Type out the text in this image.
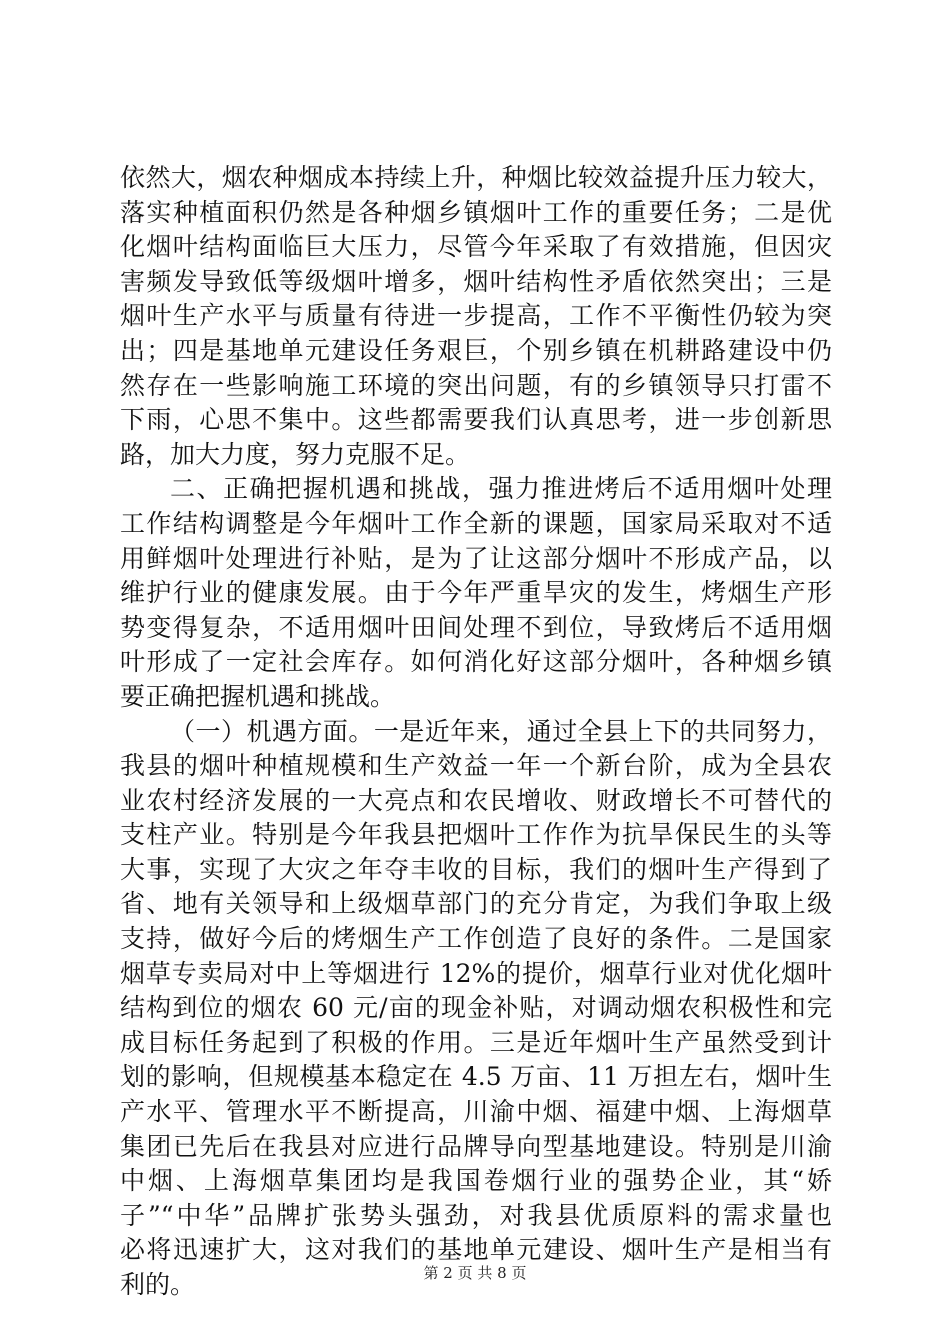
依然大，烟农种烟成本持续上升，种烟比较效益提升压力较大，
落实种植面积仍然是各种烟乡镇烟叶工作的重要任务；二是优
化烟叶结构面临巨大压力，尽管今年采取了有效措施，但因灾
害频发导致低等级烟叶增多，烟叶结构性矛盾依然突出；三是
烟叶生产水平与质量有待进一步提高，工作不平衡性仍较为突
出；四是基地单元建设任务艰巨，个别乡镇在机耕路建设中仍
然存在一些影响施工环境的突出问题，有的乡镇领导只打雷不
下雨，心思不集中。这些都需要我们认真思考，进一步创新思
路，加大力度，努力克服不足。
二、正确把握机遇和挑战，强力推进烤后不适用烟叶处理
工作结构调整是今年烟叶工作全新的课题，国家局采取对不适
用鲜烟叶处理进行补贴，是为了让这部分烟叶不形成产品，以
维护行业的健康发展。由于今年严重旱灾的发生，烤烟生产形
势变得复杂，不适用烟叶田间处理不到位，导致烤后不适用烟
叶形成了一定社会库存。如何消化好这部分烟叶，各种烟乡镇
要正确把握机遇和挑战。
（一）机遇方面。一是近年来，通过全县上下的共同努力，
我县的烟叶种植规模和生产效益一年一个新台阶，成为全县农
业农村经济发展的一大亮点和农民增收、财政增长不可替代的
支柱产业。特别是今年我县把烟叶工作作为抗旱保民生的头等
大事，实现了大灾之年夺丰收的目标，我们的烟叶生产得到了
省、地有关领导和上级烟草部门的充分肯定，为我们争取上级
支持，做好今后的烤烟生产工作创造了良好的条件。二是国家
烟草专卖局对中上等烟进行 12%的提价，烟草行业对优化烟叶
结构到位的烟农 60 元/亩的现金补贴，对调动烟农积极性和完
成目标任务起到了积极的作用。三是近年烟叶生产虽然受到计
划的影响，但规模基本稳定在 4.5 万亩、11 万担左右，烟叶生
产水平、管理水平不断提高，川渝中烟、福建中烟、上海烟草
集团已先后在我县对应进行品牌导向型基地建设。特别是川渝
中烟、上海烟草集团均是我国卷烟行业的强势企业，其“娇
子”“中华”品牌扩张势头强劲，对我县优质原料的需求量也
必将迅速扩大，这对我们的基地单元建设、烟叶生产是相当有
利的。	第 2 页 共 8 页
